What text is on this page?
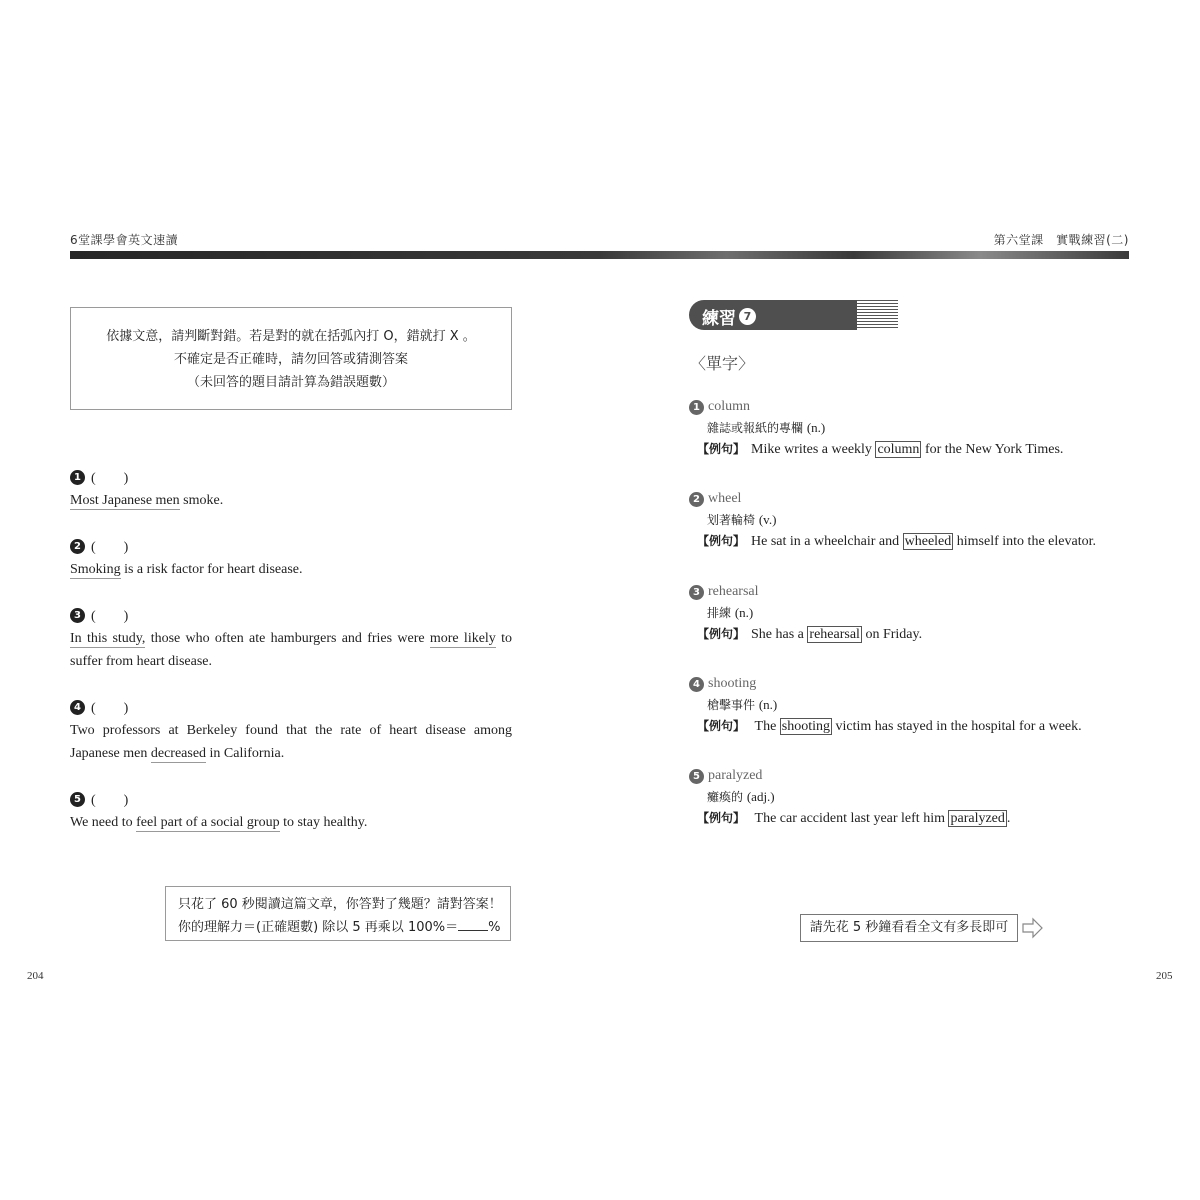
6堂課學會英文速讀	第六堂課　實戰練習(二)
依據文意，請判斷對錯。若是對的就在括弧內打 O，錯就打 X 。
不確定是否正確時，請勿回答或猜測答案
（未回答的題目請計算為錯誤題數）
1 (　　)
Most Japanese men smoke.
2 (　　)
Smoking is a risk factor for heart disease.
3 (　　)
In this study, those who often ate hamburgers and fries were more likely to suffer from heart disease.
4 (　　)
Two professors at Berkeley found that the rate of heart disease among Japanese men decreased in California.
5 (　　)
We need to feel part of a social group to stay healthy.
只花了 60 秒閱讀這篇文章，你答對了幾題？請對答案！
你的理解力＝(正確題數) 除以 5 再乘以 100%＝ %
204	205
練習 7
〈單字〉
1 column
雜誌或報紙的專欄 (n.)
【例句】 Mike writes a weekly column for the New York Times.
2 wheel
划著輪椅 (v.)
【例句】 He sat in a wheelchair and wheeled himself into the elevator.
3 rehearsal
排練 (n.)
【例句】 She has a rehearsal on Friday.
4 shooting
槍擊事件 (n.)
【例句】 The shooting victim has stayed in the hospital for a week.
5 paralyzed
癱瘓的 (adj.)
【例句】 The car accident last year left him paralyzed .
請先花 5 秒鐘看看全文有多長即可
